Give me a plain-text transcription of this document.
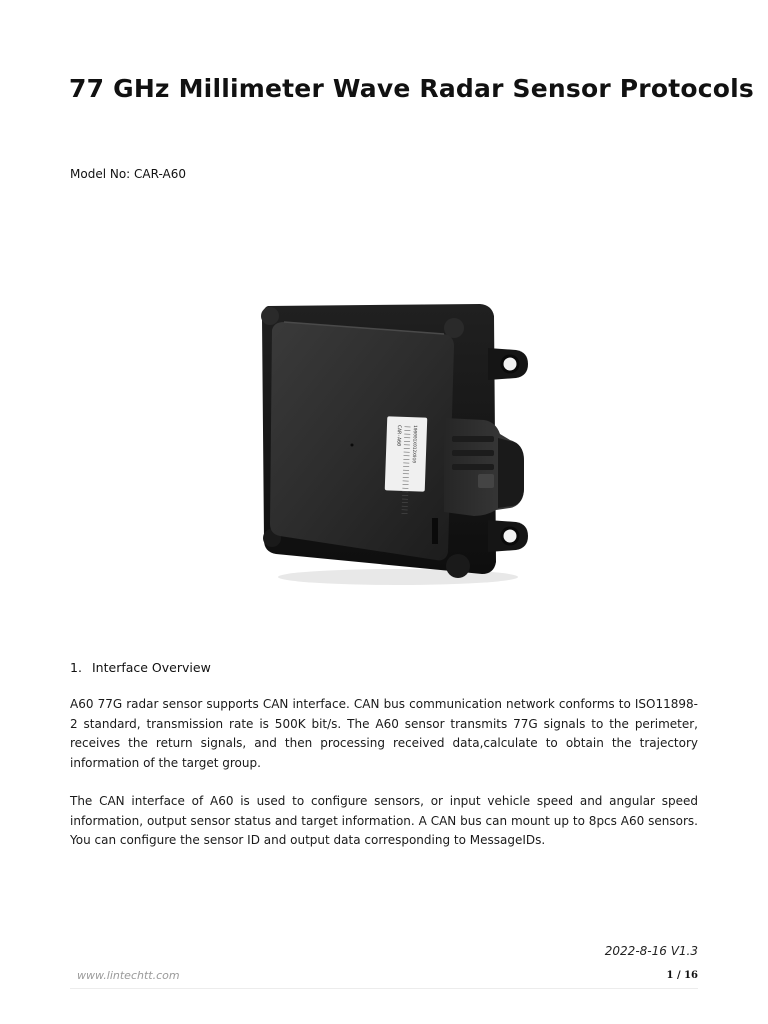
77 GHz Millimeter Wave Radar Sensor Protocols
Model No: CAR-A60
CAR-A60
||||||||||||||||||||||||| 100001X012X010
1. Interface Overview

A60 77G radar sensor supports CAN interface. CAN bus communication network conforms to ISO11898-2 standard, transmission rate is 500K bit/s. The A60 sensor transmits 77G signals to the perimeter, receives the return signals, and then processing received data,calculate to obtain the trajectory information of the target group.

The CAN interface of A60 is used to configure sensors, or input vehicle speed and angular speed information, output sensor status and target information. A CAN bus can mount up to 8pcs A60 sensors. You can configure the sensor ID and output data corresponding to MessageIDs.

2022-8-16 V1.3
www.lintechtt.com	1 / 16
